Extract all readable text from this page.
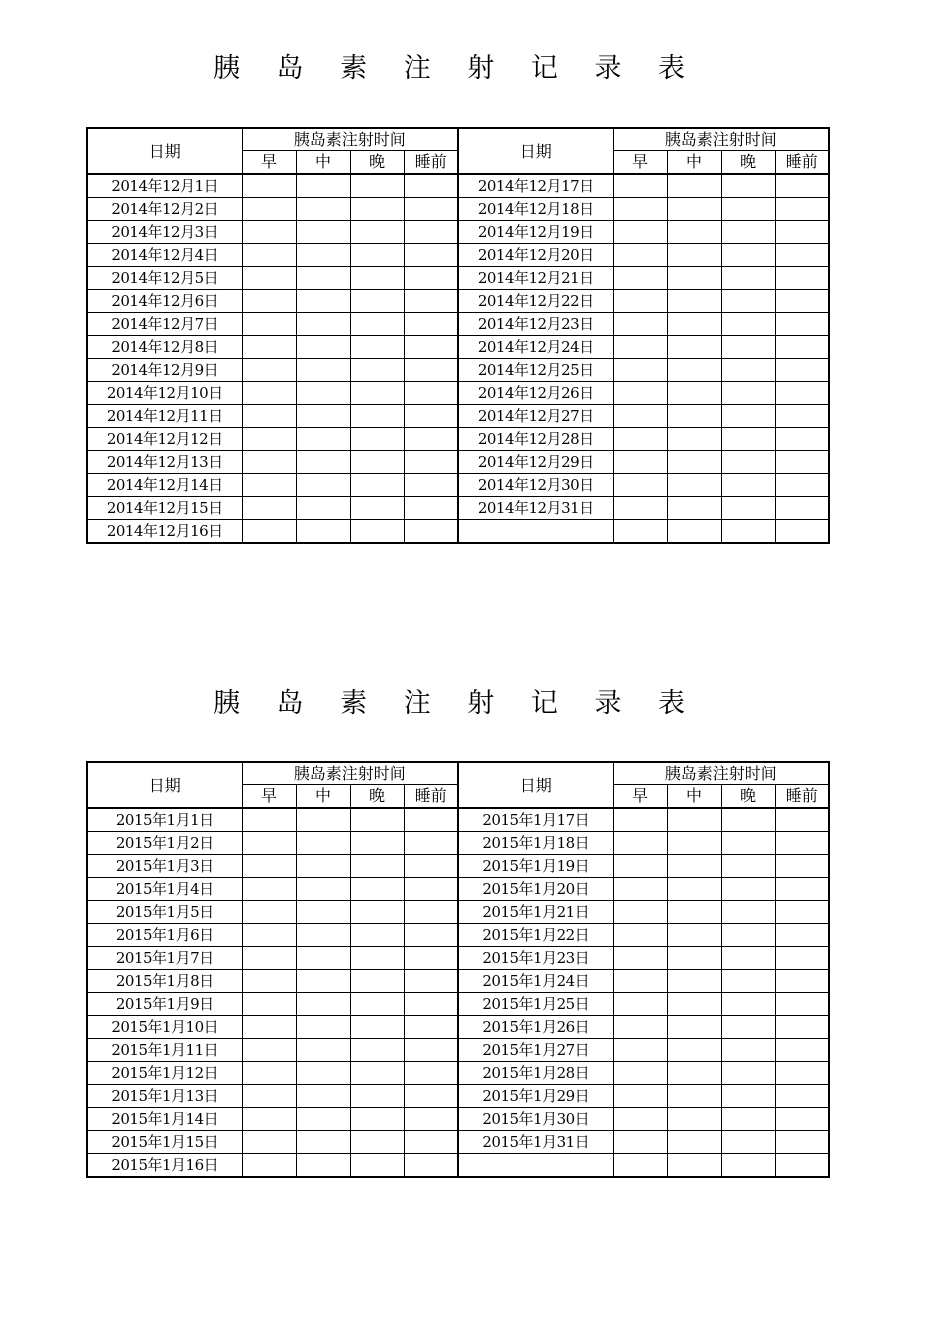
胰 岛 素 注 射 记 录 表
日期	胰岛素注射时间				日期	胰岛素注射时间			
	早	中	晚	睡前		早	中	晚	睡前
2014年12月1日					2014年12月17日				
2014年12月2日					2014年12月18日				
2014年12月3日					2014年12月19日				
2014年12月4日					2014年12月20日				
2014年12月5日					2014年12月21日				
2014年12月6日					2014年12月22日				
2014年12月7日					2014年12月23日				
2014年12月8日					2014年12月24日				
2014年12月9日					2014年12月25日				
2014年12月10日					2014年12月26日				
2014年12月11日					2014年12月27日				
2014年12月12日					2014年12月28日				
2014年12月13日					2014年12月29日				
2014年12月14日					2014年12月30日				
2014年12月15日					2014年12月31日				
2014年12月16日									
胰 岛 素 注 射 记 录 表
日期	胰岛素注射时间				日期	胰岛素注射时间			
	早	中	晚	睡前		早	中	晚	睡前
2015年1月1日					2015年1月17日				
2015年1月2日					2015年1月18日				
2015年1月3日					2015年1月19日				
2015年1月4日					2015年1月20日				
2015年1月5日					2015年1月21日				
2015年1月6日					2015年1月22日				
2015年1月7日					2015年1月23日				
2015年1月8日					2015年1月24日				
2015年1月9日					2015年1月25日				
2015年1月10日					2015年1月26日				
2015年1月11日					2015年1月27日				
2015年1月12日					2015年1月28日				
2015年1月13日					2015年1月29日				
2015年1月14日					2015年1月30日				
2015年1月15日					2015年1月31日				
2015年1月16日									
